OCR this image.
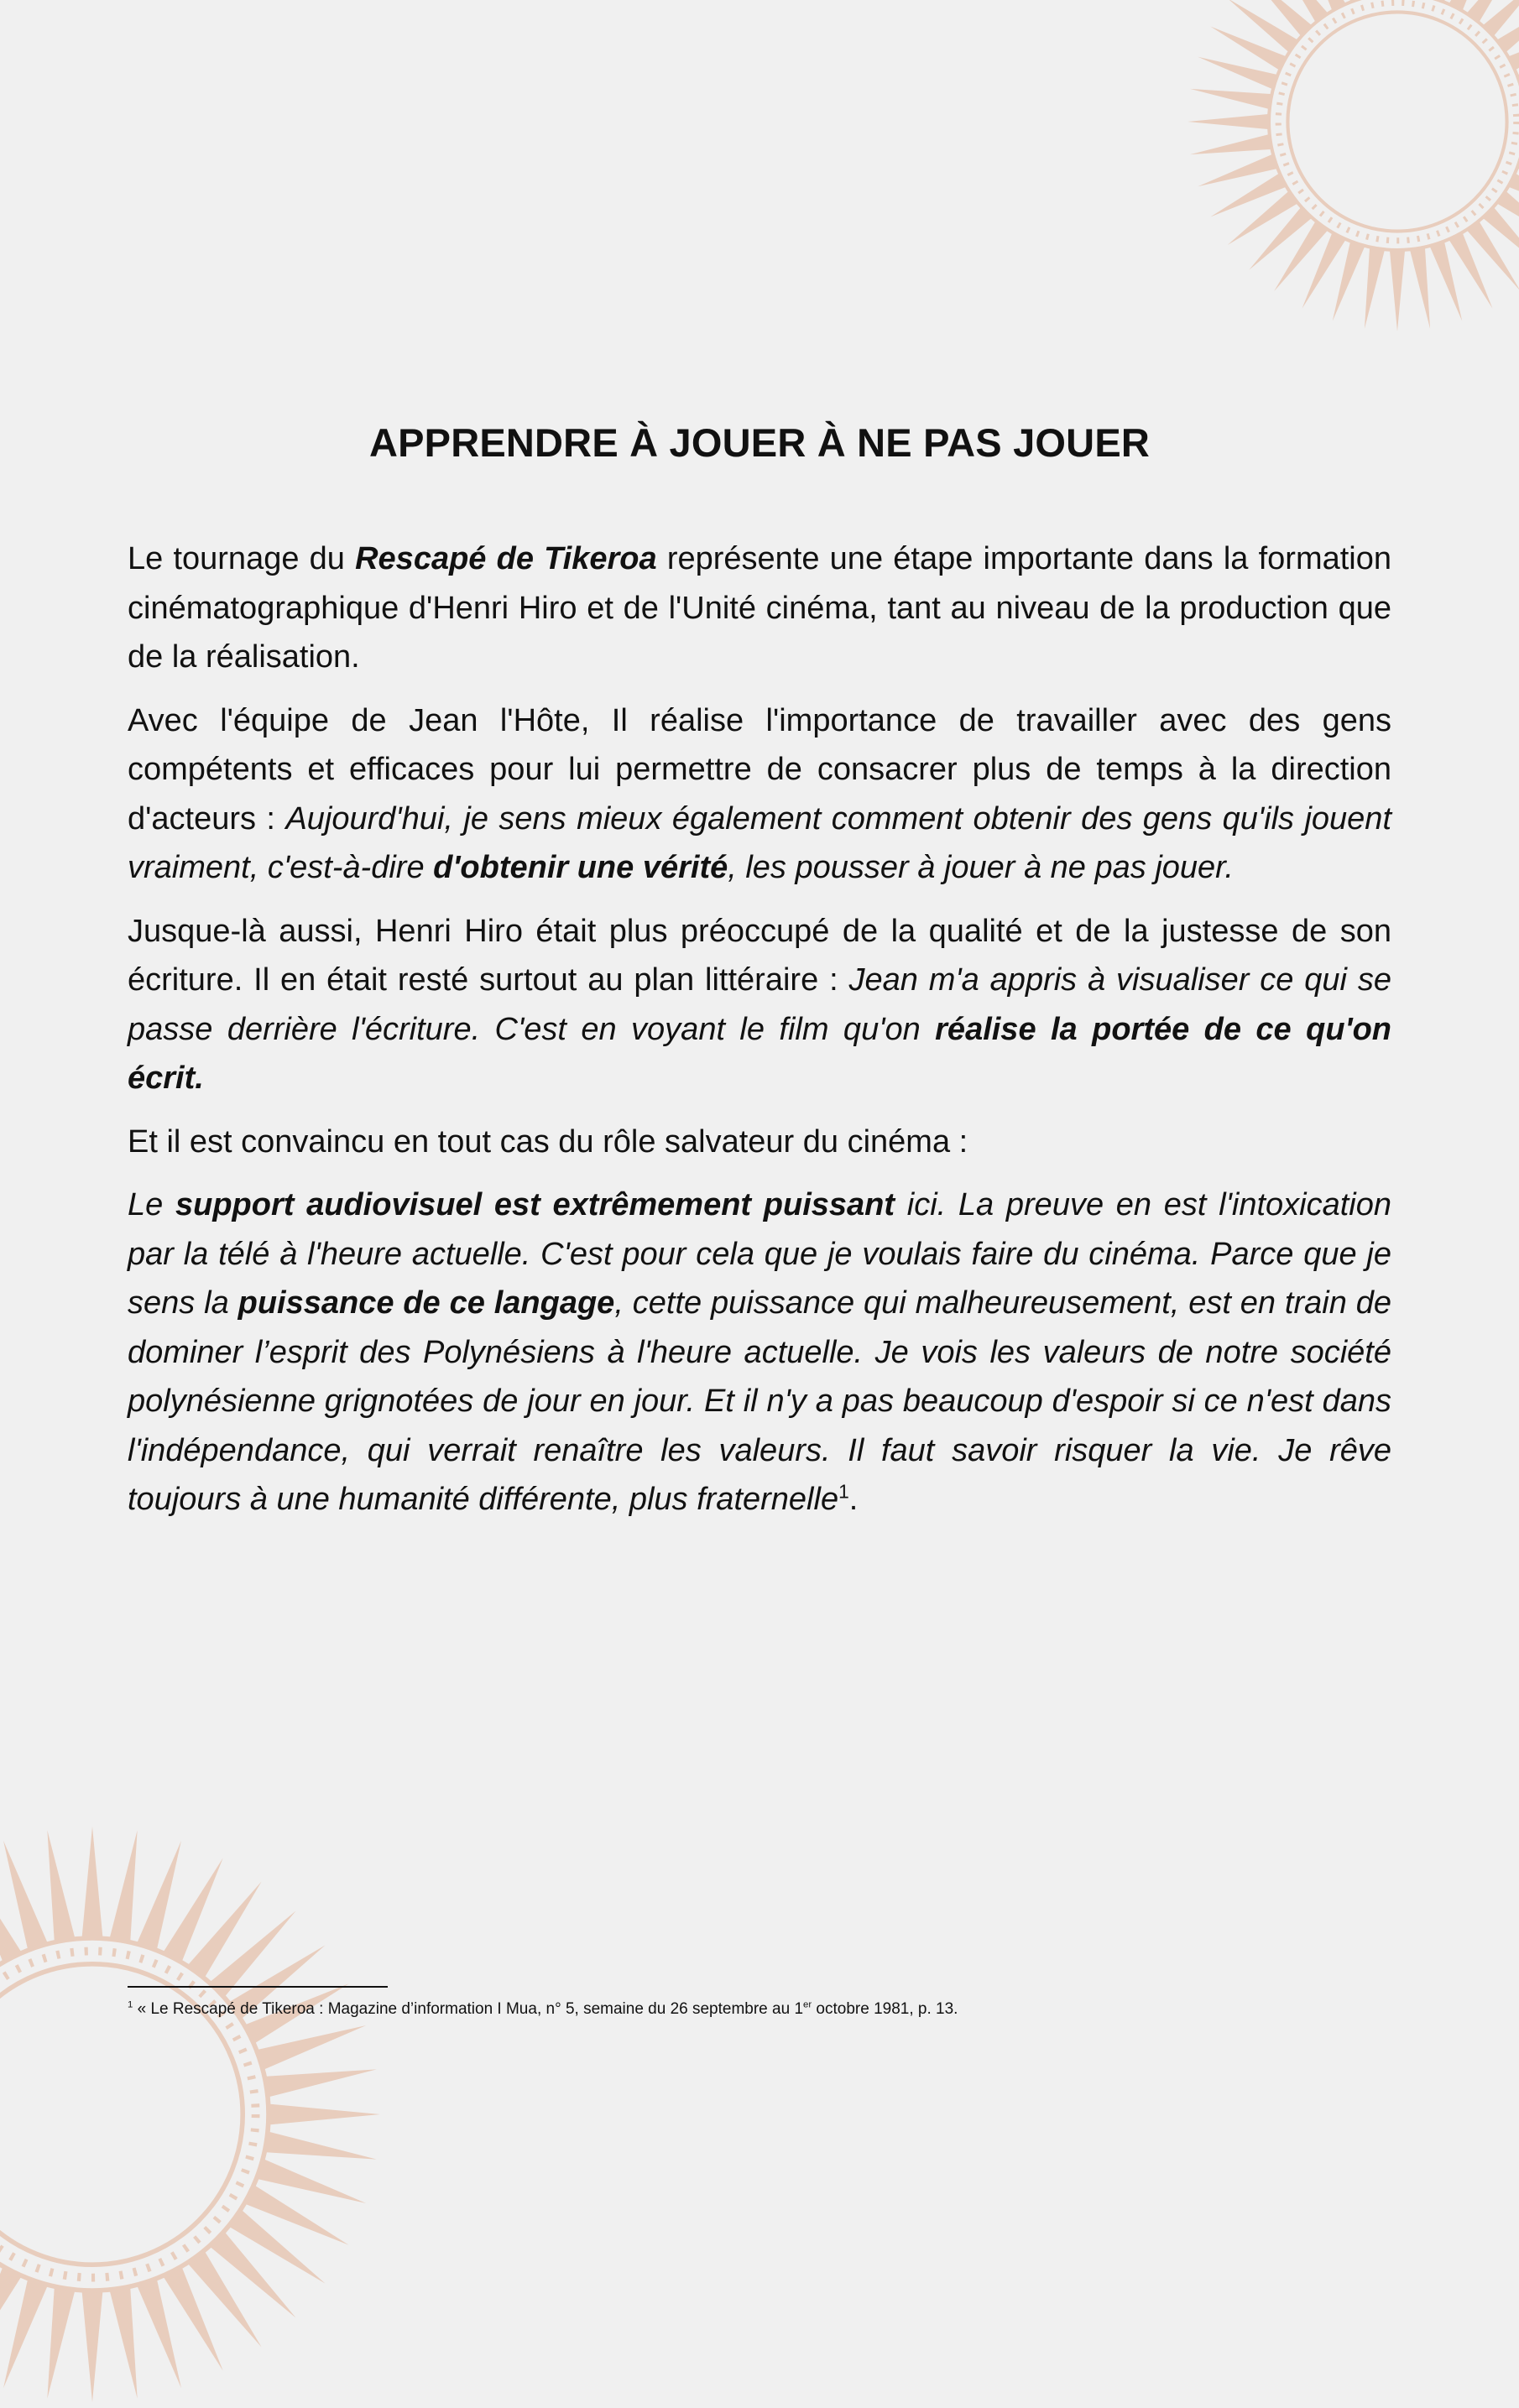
APPRENDRE À JOUER À NE PAS JOUER

Le tournage du Rescapé de Tikeroa représente une étape importante dans la formation cinématographique d'Henri Hiro et de l'Unité cinéma, tant au niveau de la production que de la réalisation.

Avec l'équipe de Jean l'Hôte, Il réalise l'importance de travailler avec des gens compétents et efficaces pour lui permettre de consacrer plus de temps à la direction d'acteurs : Aujourd'hui, je sens mieux également comment obtenir des gens qu'ils jouent vraiment, c'est-à-dire d'obtenir une vérité, les pousser à jouer à ne pas jouer.

Jusque-là aussi, Henri Hiro était plus préoccupé de la qualité et de la justesse de son écriture. Il en était resté surtout au plan littéraire : Jean m'a appris à visualiser ce qui se passe derrière l'écriture. C'est en voyant le film qu'on réalise la portée de ce qu'on écrit.

Et il est convaincu en tout cas du rôle salvateur du cinéma :

Le support audiovisuel est extrêmement puissant ici. La preuve en est l'intoxication par la télé à l'heure actuelle. C'est pour cela que je voulais faire du cinéma. Parce que je sens la puissance de ce langage, cette puissance qui malheureusement, est en train de dominer l’esprit des Polynésiens à l'heure actuelle. Je vois les valeurs de notre société polynésienne grignotées de jour en jour. Et il n'y a pas beaucoup d'espoir si ce n'est dans l'indépendance, qui verrait renaître les valeurs. Il faut savoir risquer la vie. Je rêve toujours à une humanité différente, plus fraternelle$^1$.

$^1$ « Le Rescapé de Tikeroa : Magazine d’information I Mua, n° 5, semaine du 26 septembre au 1er octobre 1981, p. 13.
